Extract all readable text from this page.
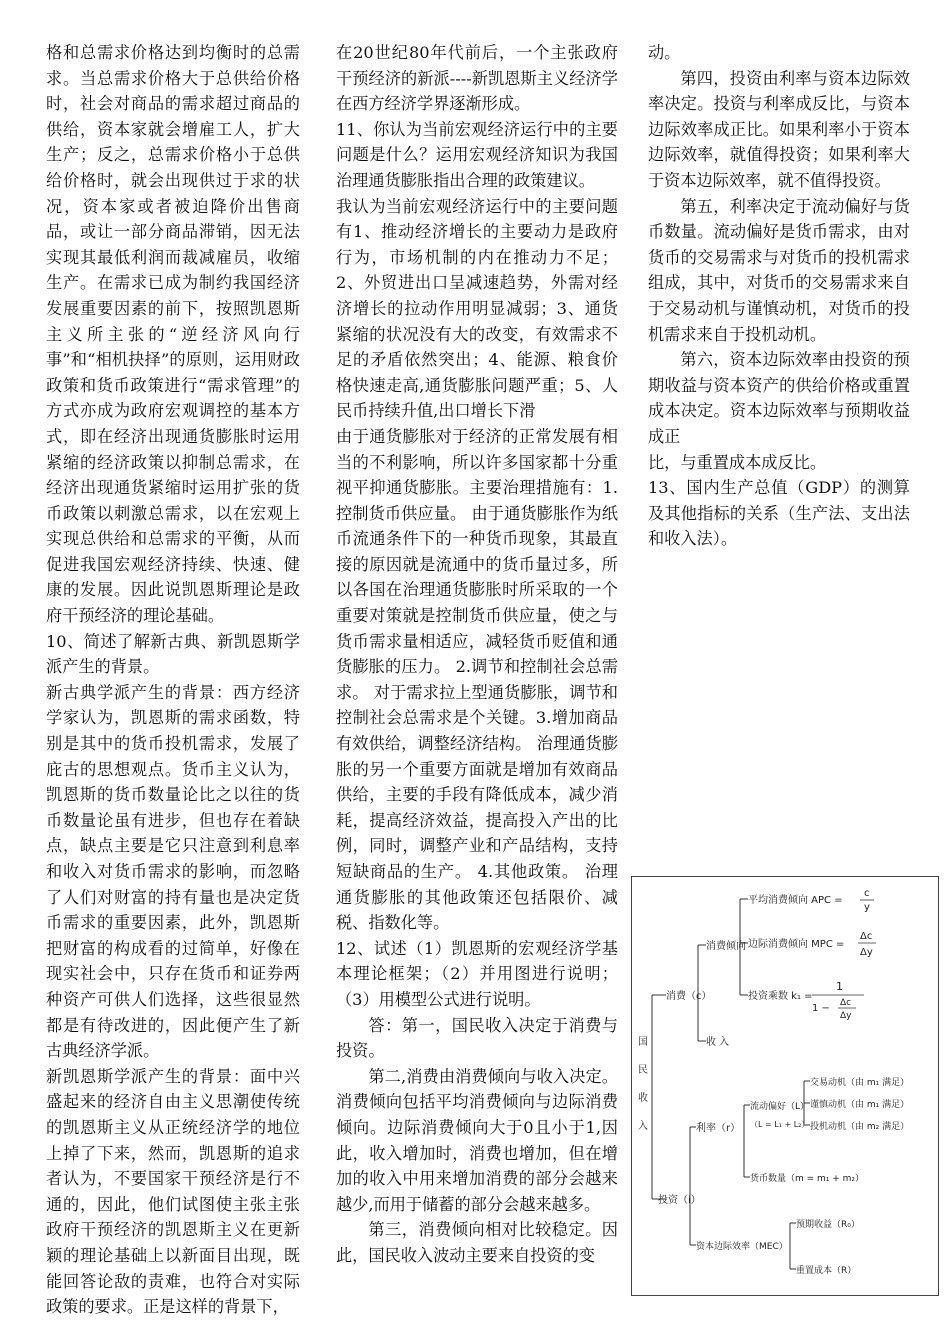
格和总需求价格达到均衡时的总需求。当总需求价格大于总供给价格时，社会对商品的需求超过商品的供给，资本家就会增雇工人，扩大生产；反之，总需求价格小于总供给价格时，就会出现供过于求的状况，资本家或者被迫降价出售商品，或让一部分商品滞销，因无法实现其最低利润而裁减雇员，收缩生产。在需求已成为制约我国经济发展重要因素的前下，按照凯恩斯主义所主张的“逆经济风向行事”和“相机抉择”的原则，运用财政政策和货币政策进行“需求管理”的方式亦成为政府宏观调控的基本方式，即在经济出现通货膨胀时运用紧缩的经济政策以抑制总需求，在经济出现通货紧缩时运用扩张的货币政策以刺激总需求，以在宏观上实现总供给和总需求的平衡，从而促进我国宏观经济持续、快速、健康的发展。因此说凯恩斯理论是政府干预经济的理论基础。

10、简述了解新古典、新凯恩斯学派产生的背景。

新古典学派产生的背景：西方经济学家认为，凯恩斯的需求函数，特别是其中的货币投机需求，发展了庇古的思想观点。货币主义认为，凯恩斯的货币数量论比之以往的货币数量论虽有进步，但也存在着缺点，缺点主要是它只注意到利息率和收入对货币需求的影响，而忽略了人们对财富的持有量也是决定货币需求的重要因素，此外，凯恩斯把财富的构成看的过简单，好像在现实社会中，只存在货币和证券两种资产可供人们选择，这些很显然都是有待改进的，因此便产生了新古典经济学派。

新凯恩斯学派产生的背景：面中兴盛起来的经济自由主义思潮使传统的凯恩斯主义从正统经济学的地位上掉了下来，然而，凯恩斯的追求者认为，不要国家干预经济是行不通的，因此，他们试图使主张主张政府干预经济的凯恩斯主义在更新颖的理论基础上以新面目出现，既能回答论敌的责难，也符合对实际政策的要求。正是这样的背景下，

在20世纪80年代前后，一个主张政府干预经济的新派----新凯恩斯主义经济学在西方经济学界逐渐形成。

11、你认为当前宏观经济运行中的主要问题是什么？运用宏观经济知识为我国治理通货膨胀指出合理的政策建议。

我认为当前宏观经济运行中的主要问题有1、推动经济增长的主要动力是政府行为，市场机制的内在推动力不足；2、外贸进出口呈减速趋势，外需对经济增长的拉动作用明显减弱；3、通货紧缩的状况没有大的改变，有效需求不足的矛盾依然突出；4、能源、粮食价格快速走高,通货膨胀问题严重；5、人民币持续升值,出口增长下滑

由于通货膨胀对于经济的正常发展有相当的不利影响，所以许多国家都十分重视平抑通货膨胀。主要治理措施有：1.控制货币供应量。 由于通货膨胀作为纸币流通条件下的一种货币现象，其最直接的原因就是流通中的货币量过多，所以各国在治理通货膨胀时所采取的一个重要对策就是控制货币供应量，使之与货币需求量相适应，减轻货币贬值和通货膨胀的压力。 2.调节和控制社会总需求。 对于需求拉上型通货膨胀，调节和控制社会总需求是个关键。3.增加商品有效供给，调整经济结构。 治理通货膨胀的另一个重要方面就是增加有效商品供给，主要的手段有降低成本，减少消耗，提高经济效益，提高投入产出的比例，同时，调整产业和产品结构，支持短缺商品的生产。 4.其他政策。 治理通货膨胀的其他政策还包括限价、减税、指数化等。

12、试述（1）凯恩斯的宏观经济学基本理论框架；（2）并用图进行说明；（3）用模型公式进行说明。

答：第一，国民收入决定于消费与投资。

第二,消费由消费倾向与收入决定。消费倾向包括平均消费倾向与边际消费倾向。边际消费倾向大于0且小于1,因此，收入增加时，消费也增加，但在增加的收入中用来增加消费的部分会越来越少,而用于储蓄的部分会越来越多。

第三，消费倾向相对比较稳定。因此，国民收入波动主要来自投资的变

动。

第四，投资由利率与资本边际效率决定。投资与利率成反比，与资本边际效率成正比。如果利率小于资本边际效率，就值得投资；如果利率大于资本边际效率，就不值得投资。

第五，利率决定于流动偏好与货币数量。流动偏好是货币需求，由对货币的交易需求与对货币的投机需求组成，其中，对货币的交易需求来自于交易动机与谨慎动机，对货币的投机需求来自于投机动机。

第六，资本边际效率由投资的预期收益与资本资产的供给价格或重置成本决定。资本边际效率与预期收益成正

比，与重置成本成反比。

13、国内生产总值（GDP）的测算及其他指标的关系（生产法、支出法和收入法）。

国民收入
消费（c）
消费倾向
收 入
平均消费倾向 APC =
c
y
边际消费倾向 MPC =
Δc
Δy
投资乘数 k₁ =
1
1 − Δc
Δy
投资（i）
利率（r）
流动偏好（L）
（L = L₁ + L₂）
交易动机（由 m₁ 满足）
谨慎动机（由 m₁ 满足）
投机动机（由 m₂ 满足）
货币数量（m = m₁ + m₂）
资本边际效率（MEC）
预期收益（R₀）
重置成本（R）
